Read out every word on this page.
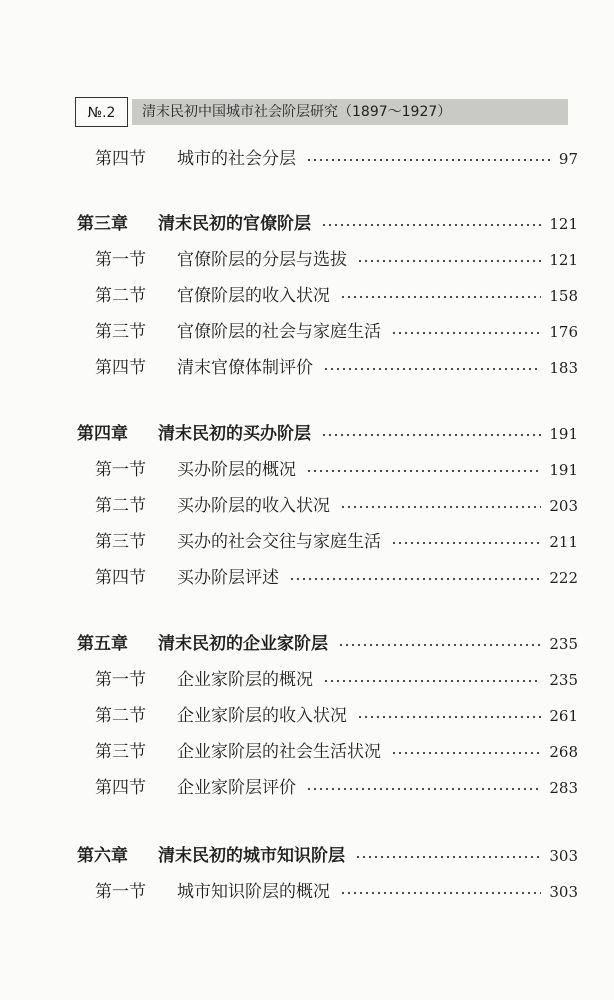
№.2	清末民初中国城市社会阶层研究（1897～1927）
第四节 城市的社会分层	97
第三章 清末民初的官僚阶层	121
第一节 官僚阶层的分层与选拔	121
第二节 官僚阶层的收入状况	158
第三节 官僚阶层的社会与家庭生活	176
第四节 清末官僚体制评价	183
第四章 清末民初的买办阶层	191
第一节 买办阶层的概况	191
第二节 买办阶层的收入状况	203
第三节 买办的社会交往与家庭生活	211
第四节 买办阶层评述	222
第五章 清末民初的企业家阶层	235
第一节 企业家阶层的概况	235
第二节 企业家阶层的收入状况	261
第三节 企业家阶层的社会生活状况	268
第四节 企业家阶层评价	283
第六章 清末民初的城市知识阶层	303
第一节 城市知识阶层的概况	303
